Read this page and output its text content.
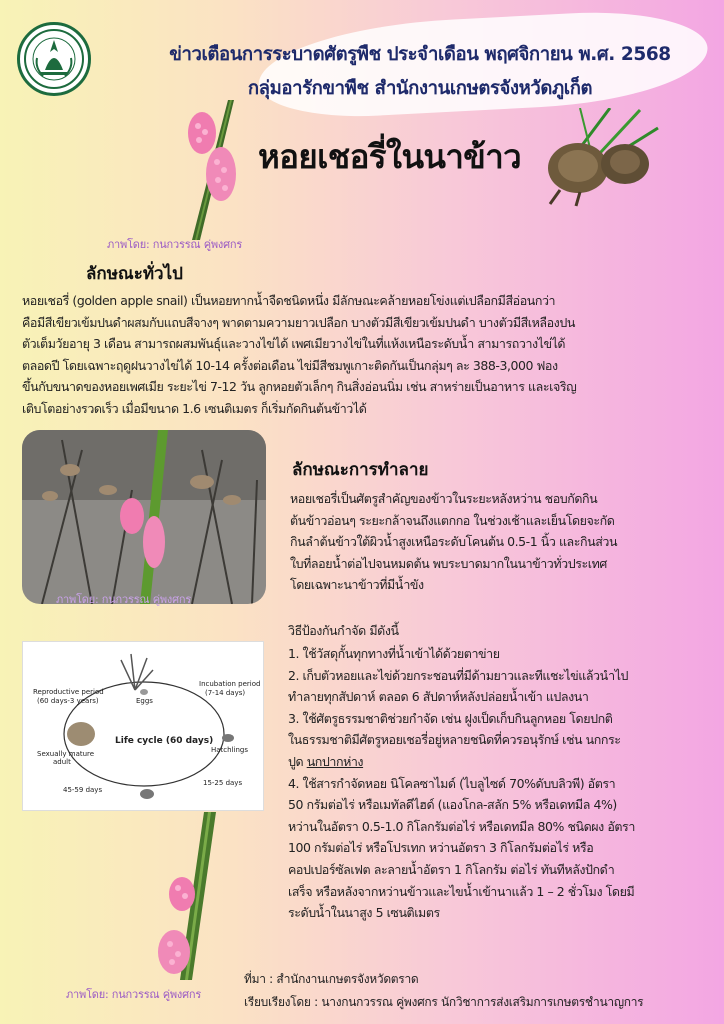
ข่าวเตือนการระบาดศัตรูพืช ประจำเดือน พฤศจิกายน พ.ศ. 2568
กลุ่มอารักขาพืช สำนักงานเกษตรจังหวัดภูเก็ต
ภาพโดย: กนกวรรณ คู่พงศกร
หอยเชอรี่ในนาข้าว
ลักษณะทั่วไป

หอยเชอรี่ (golden apple snail) เป็นหอยทากน้ำจืดชนิดหนึ่ง มีลักษณะคล้ายหอยโข่งแต่เปลือกมีสีอ่อนกว่า

คือมีสีเขียวเข้มปนดำผสมกับแถบสีจางๆ พาดตามความยาวเปลือก บางตัวมีสีเขียวเข้มปนดำ บางตัวมีสีเหลืองปน

ตัวเต็มวัยอายุ 3 เดือน สามารถผสมพันธุ์และวางไข่ได้ เพศเมียวางไข่ในที่แห้งเหนือระดับน้ำ สามารถวางไข่ได้

ตลอดปี โดยเฉพาะฤดูฝนวางไข่ได้ 10-14 ครั้งต่อเดือน ไข่มีสีชมพูเกาะติดกันเป็นกลุ่มๆ ละ 388-3,000 ฟอง

ขึ้นกับขนาดของหอยเพศเมีย ระยะไข่ 7-12 วัน ลูกหอยตัวเล็กๆ กินสิ่งอ่อนนิ่ม เช่น สาหร่ายเป็นอาหาร และเจริญ

เติบโตอย่างรวดเร็ว เมื่อมีขนาด 1.6 เซนติเมตร ก็เริ่มกัดกินต้นข้าวได้

ภาพโดย: กนกวรรณ คู่พงศกร
ลักษณะการทำลาย

หอยเชอรี่เป็นศัตรูสำคัญของข้าวในระยะหลังหว่าน ชอบกัดกิน

ต้นข้าวอ่อนๆ ระยะกล้าจนถึงแตกกอ ในช่วงเช้าและเย็นโดยจะกัด

กินลำต้นข้าวใต้ผิวน้ำสูงเหนือระดับโคนต้น 0.5-1 นิ้ว และกินส่วน

ใบที่ลอยน้ำต่อไปจนหมดต้น พบระบาดมากในนาข้าวทั่วประเทศ

โดยเฉพาะนาข้าวที่มีน้ำขัง

Life cycle (60 days)
Eggs
Incubation period
(7-14 days)
Hatchlings
15-25 days
45-59 days
Sexually mature
adult
Reproductive period
(60 days-3 years)
วิธีป้องกันกำจัด มีดังนี้

1. ใช้วัสดุกั้นทุกทางที่น้ำเข้าได้ด้วยตาข่าย

2. เก็บตัวหอยและไข่ด้วยกระชอนที่มีด้ามยาวและทีแชะไข่แล้วนำไป

ทำลายทุกสัปดาห์ ตลอด 6 สัปดาห์หลังปล่อยน้ำเข้า แปลงนา

3. ใช้ศัตรูธรรมชาติช่วยกำจัด เช่น ฝูงเป็ดเก็บกินลูกหอย โดยปกติ

ในธรรมชาติมีศัตรูหอยเชอรี่อยู่หลายชนิดที่ควรอนุรักษ์ เช่น นกกระ

ปูด นกปากห่าง

4. ใช้สารกำจัดหอย นิโคลซาไมด์ (ไบลูไซด์ 70%ดับบลิวพี) อัตรา

50 กรัมต่อไร่ หรือเมทัลดีไฮด์ (แองโกล-สลัก 5% หรือเดทมีล 4%)

หว่านในอัตรา 0.5-1.0 กิโลกรัมต่อไร่ หรือเดทมีล 80% ชนิดผง อัตรา

100 กรัมต่อไร่ หรือโปรเทก หว่านอัตรา 3 กิโลกรัมต่อไร่ หรือ

คอปเปอร์ซัลเฟต ละลายน้ำอัตรา 1 กิโลกรัม ต่อไร่ ทันทีหลังปักดำ

เสร็จ หรือหลังจากหว่านข้าวและไขน้ำเข้านาแล้ว 1 – 2 ชั่วโมง โดยมี

ระดับน้ำในนาสูง 5 เซนติเมตร

ภาพโดย: กนกวรรณ คู่พงศกร
ที่มา : สำนักงานเกษตรจังหวัดตราด
เรียบเรียงโดย : นางกนกวรรณ คู่พงศกร นักวิชาการส่งเสริมการเกษตรชำนาญการ
